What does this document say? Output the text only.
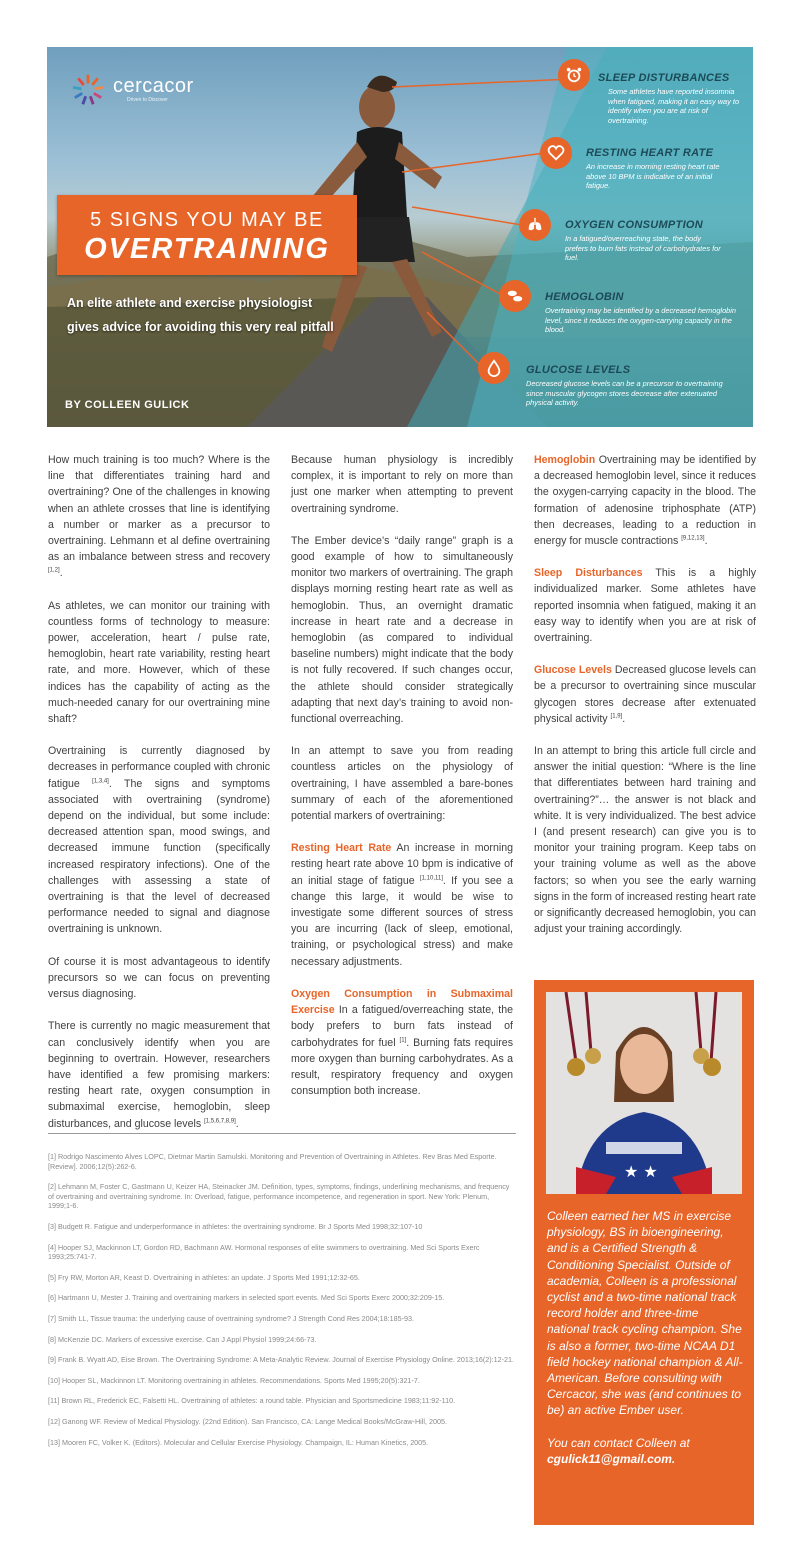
cercacor
Driven to Discover
5 SIGNS YOU MAY BE
OVERTRAINING
An elite athlete and exercise physiologist
gives advice for avoiding this very real pitfall
BY COLLEEN GULICK
SLEEP DISTURBANCES
Some athletes have reported insomnia when fatigued, making it an easy way to identify when you are at risk of overtraining.
RESTING HEART RATE
An increase in morning resting heart rate above 10 BPM is indicative of an initial fatigue.
OXYGEN CONSUMPTION
In a fatigued/overreaching state, the body prefers to burn fats instead of carbohydrates for fuel.
HEMOGLOBIN
Overtraining may be identified by a decreased hemoglobin level, since it reduces the oxygen-carrying capacity in the blood.
GLUCOSE LEVELS
Decreased glucose levels can be a precursor to overtraining since muscular glycogen stores decrease after extenuated physical activity.

How much training is too much? Where is the line that differentiates training hard and overtraining? One of the challenges in knowing when an athlete crosses that line is identifying a number or marker as a precursor to overtraining. Lehmann et al define overtraining as an imbalance between stress and recovery [1,2].

As athletes, we can monitor our training with countless forms of technology to measure: power, acceleration, heart / pulse rate, hemoglobin, heart rate variability, resting heart rate, and more. However, which of these indices has the capability of acting as the much-needed canary for our overtraining mine shaft?

Overtraining is currently diagnosed by decreases in performance coupled with chronic fatigue [1,3,4]. The signs and symptoms associated with overtraining (syndrome) depend on the individual, but some include: decreased attention span, mood swings, and decreased immune function (specifically increased respiratory infections). One of the challenges with assessing a state of overtraining is that the level of decreased performance needed to signal and diagnose overtraining is unknown.

Of course it is most advantageous to identify precursors so we can focus on preventing versus diagnosing.

There is currently no magic measurement that can conclusively identify when you are beginning to overtrain. However, researchers have identified a few promising markers: resting heart rate, oxygen consumption in submaximal exercise, hemoglobin, sleep disturbances, and glucose levels [1,5,6,7,8,9].

Because human physiology is incredibly complex, it is important to rely on more than just one marker when attempting to prevent overtraining syndrome.

The Ember device’s “daily range” graph is a good example of how to simultaneously monitor two markers of overtraining. The graph displays morning resting heart rate as well as hemoglobin. Thus, an overnight dramatic increase in heart rate and a decrease in hemoglobin (as compared to individual baseline numbers) might indicate that the body is not fully recovered. If such changes occur, the athlete should consider strategically adapting that next day’s training to avoid non-functional overreaching.

In an attempt to save you from reading countless articles on the physiology of overtraining, I have assembled a bare-bones summary of each of the aforementioned potential markers of overtraining:

Resting Heart Rate An increase in morning resting heart rate above 10 bpm is indicative of an initial stage of fatigue [1,10,11]. If you see a change this large, it would be wise to investigate some different sources of stress you are incurring (lack of sleep, emotional, training, or psychological stress) and make necessary adjustments.

Oxygen Consumption in Submaximal Exercise In a fatigued/overreaching state, the body prefers to burn fats instead of carbohydrates for fuel [1]. Burning fats requires more oxygen than burning carbohydrates. As a result, respiratory frequency and oxygen consumption both increase.

Hemoglobin Overtraining may be identified by a decreased hemoglobin level, since it reduces the oxygen-carrying capacity in the blood. The formation of adenosine triphosphate (ATP) then decreases, leading to a reduction in energy for muscle contractions [9,12,13].

Sleep Disturbances This is a highly individualized marker. Some athletes have reported insomnia when fatigued, making it an easy way to identify when you are at risk of overtraining.

Glucose Levels Decreased glucose levels can be a precursor to overtraining since muscular glycogen stores decrease after extenuated physical activity [1,9].

In an attempt to bring this article full circle and answer the initial question: “Where is the line that differentiates between hard training and overtraining?”… the answer is not black and white. It is very individualized. The best advice I (and present research) can give you is to monitor your training program. Keep tabs on your training volume as well as the above factors; so when you see the early warning signs in the form of increased resting heart rate or significantly decreased hemoglobin, you can adjust your training accordingly.

[1] Rodrigo Nascimento Alves LOPC, Dietmar Martin Samulski. Monitoring and Prevention of Overtraining in Athletes. Rev Bras Med Esporte. [Review]. 2006;12(5):262-6.
[2] Lehmann M, Foster C, Gastmann U, Keizer HA, Steinacker JM. Definition, types, symptoms, findings, underlining mechanisms, and frequency of overtraining and overtraining syndrome. In: Overload, fatigue, performance incompetence, and regeneration in sport. New York: Plenum, 1999;1-6.
[3] Budgett R. Fatigue and underperformance in athletes: the overtraining syndrome. Br J Sports Med 1998;32:107-10
[4] Hooper SJ, Mackinnon LT, Gordon RD, Bachmann AW. Hormonal responses of elite swimmers to overtraining. Med Sci Sports Exerc 1993;25:741-7.
[5] Fry RW, Morton AR, Keast D. Overtraining in athletes: an update. J Sports Med 1991;12:32-65.
[6] Hartmann U, Mester J. Training and overtraining markers in selected sport events. Med Sci Sports Exerc 2000;32:209-15.
[7] Smith LL, Tissue trauma: the underlying cause of overtraining syndrome? J Strength Cond Res 2004;18:185-93.
[8] McKenzie DC. Markers of excessive exercise. Can J Appl Physiol 1999;24:66-73.
[9] Frank B. Wyatt AD, Eise Brown. The Overtraining Syndrome: A Meta-Analytic Review. Journal of Exercise Physiology Online. 2013;16(2):12-21.
[10] Hooper SL, Mackinnon LT. Monitoring overtraining in athletes. Recommendations. Sports Med 1995;20(5):321-7.
[11] Brown RL, Frederick EC, Falsetti HL. Overtraining of athletes: a round table. Physician and Sportsmedicine 1983;11:92-110.
[12] Ganong WF. Review of Medical Physiology. (22nd Edition). San Francisco, CA: Lange Medical Books/McGraw-Hill, 2005.
[13] Mooren FC, Volker K. (Editors). Molecular and Cellular Exercise Physiology. Champaign, IL: Human Kinetics, 2005.
★ ★

Colleen earned her MS in exercise physiology, BS in bioengineering, and is a Certified Strength & Conditioning Specialist. Outside of academia, Colleen is a professional cyclist and a two-time national track record holder and three-time national track cycling champion. She is also a former, two-time NCAA D1 field hockey national champion & All-American. Before consulting with Cercacor, she was (and continues to be) an active Ember user.

You can contact Colleen at
cgulick11@gmail.com.
